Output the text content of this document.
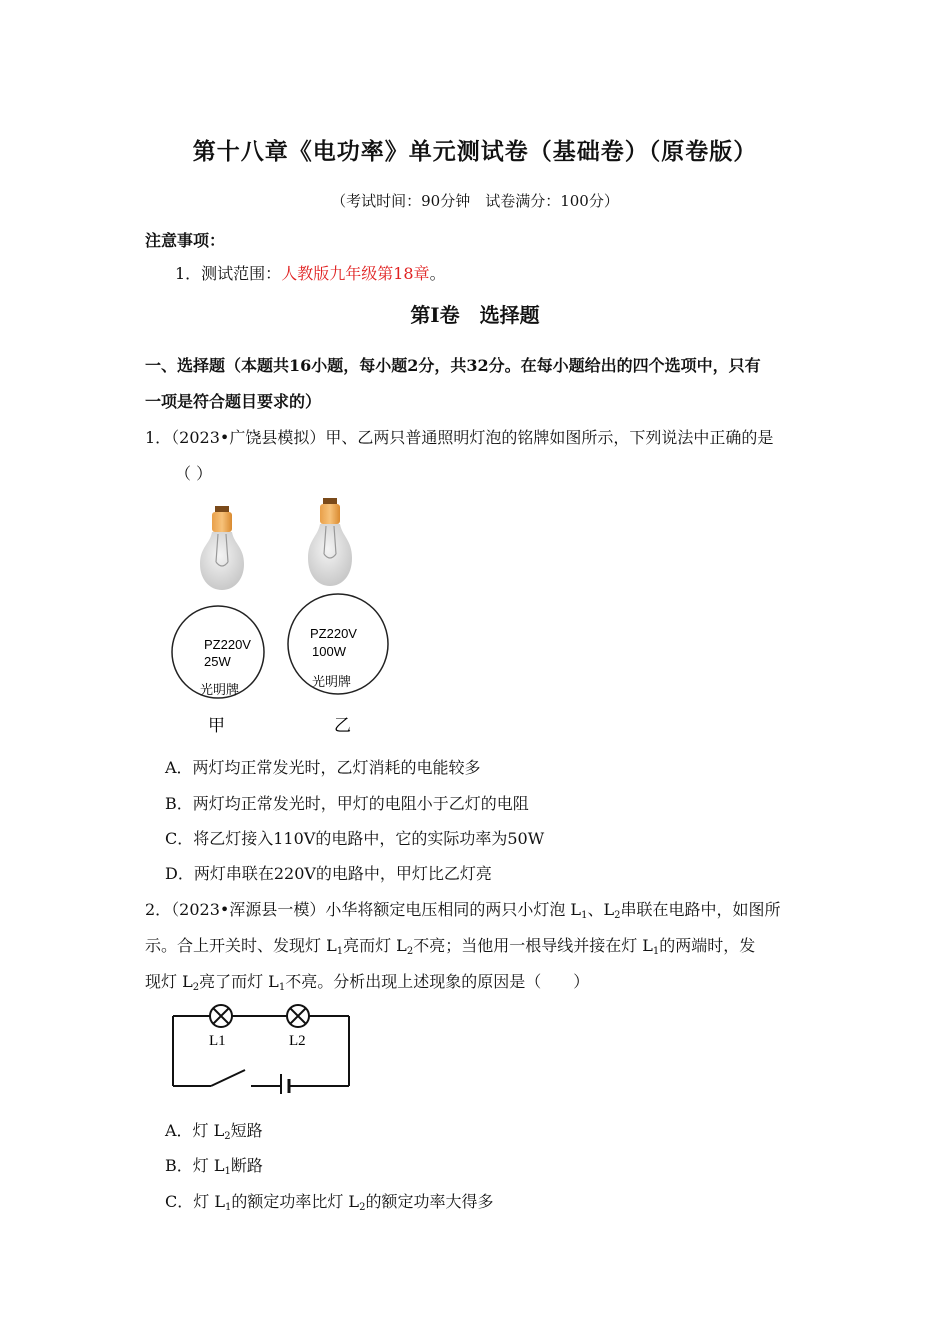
第十八章《电功率》单元测试卷（基础卷）（原卷版）
（考试时间：90分钟　试卷满分：100分）
注意事项：
1．测试范围：人教版九年级第18章。
第Ⅰ卷　选择题
一、选择题（本题共16小题，每小题2分，共32分。在每小题给出的四个选项中，只有
一项是符合题目要求的）
1．（2023•广饶县模拟）甲、乙两只普通照明灯泡的铭牌如图所示，下列说法中正确的是
（ ）
PZ220V
25W
光明牌
PZ220V
100W
光明牌
甲	乙
A．两灯均正常发光时，乙灯消耗的电能较多
B．两灯均正常发光时，甲灯的电阻小于乙灯的电阻
C．将乙灯接入110V的电路中，它的实际功率为50W
D．两灯串联在220V的电路中，甲灯比乙灯亮
2．（2023•浑源县一模）小华将额定电压相同的两只小灯泡 $L_1$、$L_2$串联在电路中，如图所
示。合上开关时、发现灯 $L_1$亮而灯 $L_2$不亮；当他用一根导线并接在灯 $L_1$的两端时，发
现灯 $L_2$亮了而灯 $L_1$不亮。分析出现上述现象的原因是（　　）
L1	L2
A．灯 $L_2$短路
B．灯 $L_1$断路
C．灯 $L_1$的额定功率比灯 $L_2$的额定功率大得多
